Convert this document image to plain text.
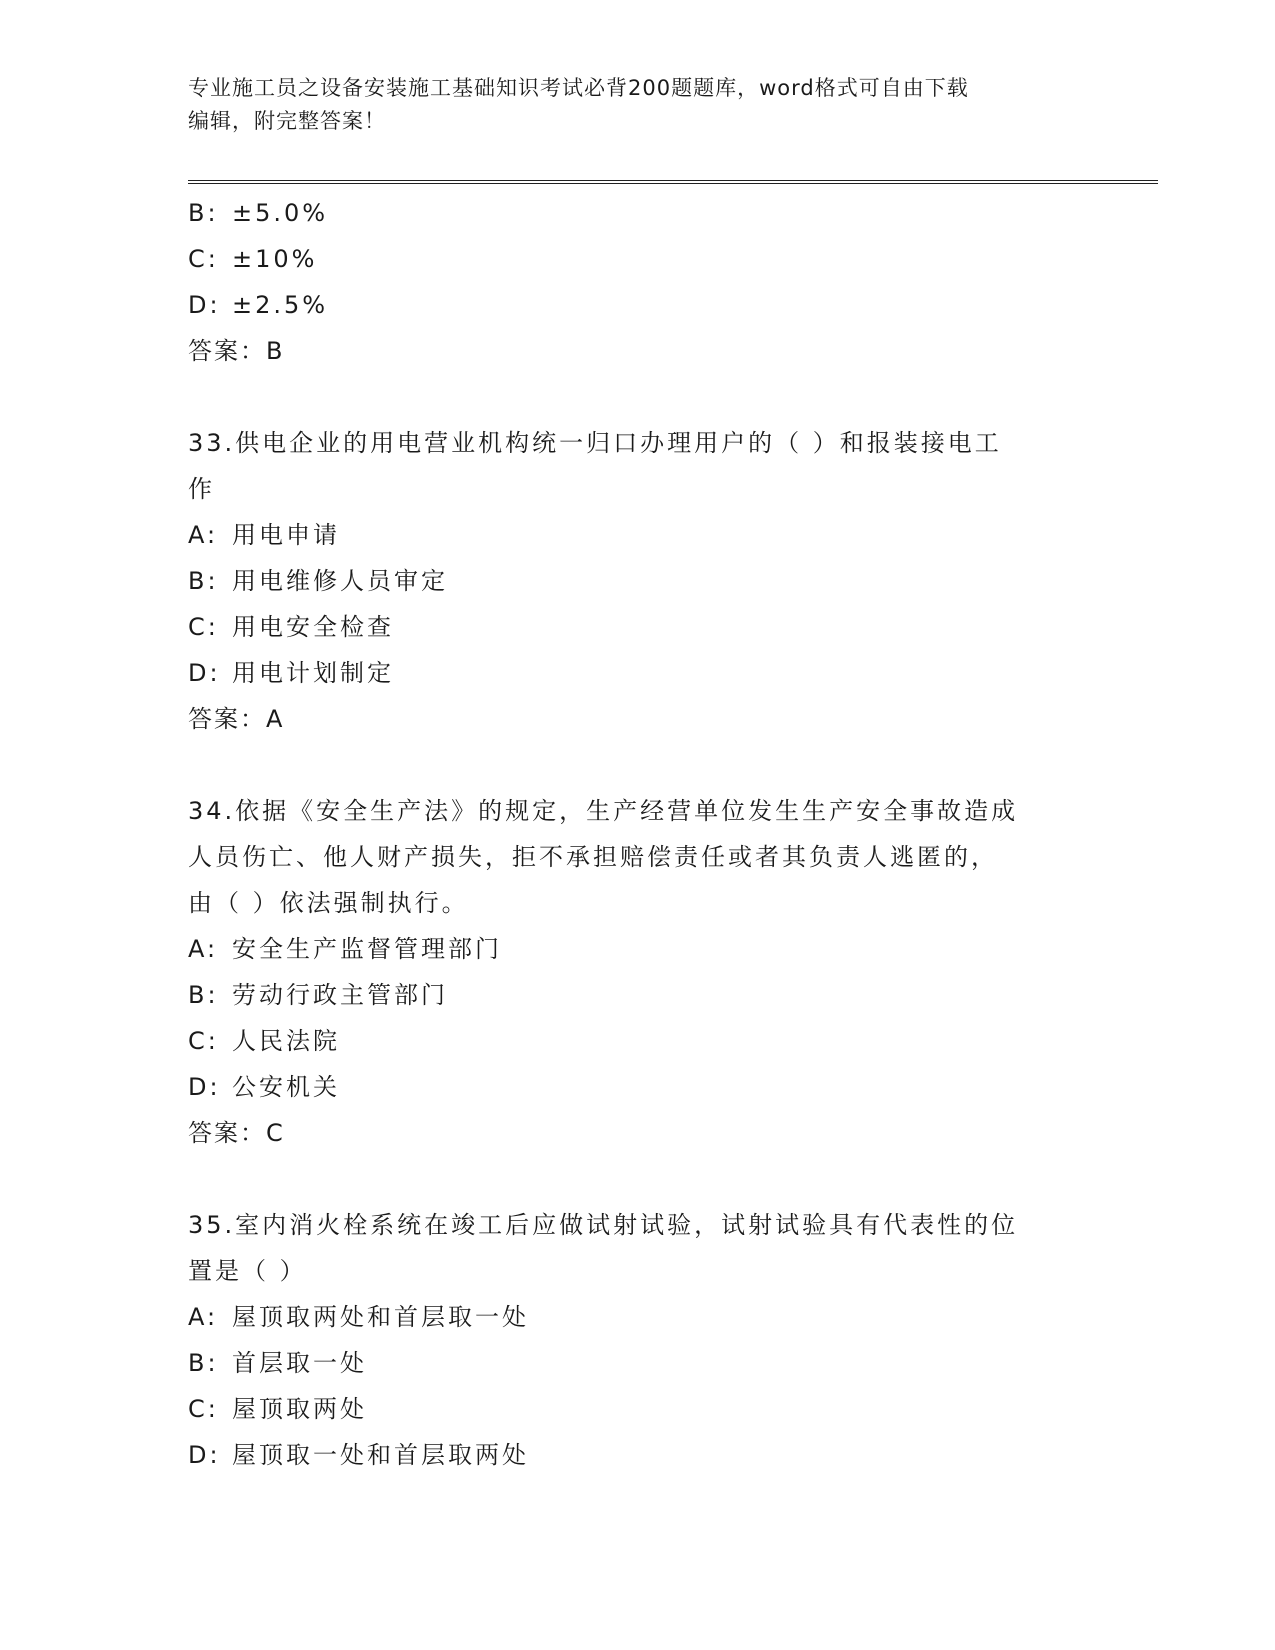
专业施工员之设备安装施工基础知识考试必背200题题库，word格式可自由下载
编辑，附完整答案！
B: ±5.0%
C: ±10%
D: ±2.5%
答案：B
33.供电企业的用电营业机构统一归口办理用户的（ ）和报装接电工
作
A: 用电申请
B: 用电维修人员审定
C: 用电安全检查
D: 用电计划制定
答案：A
34.依据《安全生产法》的规定，生产经营单位发生生产安全事故造成
人员伤亡、他人财产损失，拒不承担赔偿责任或者其负责人逃匿的，
由（ ）依法强制执行。
A: 安全生产监督管理部门
B: 劳动行政主管部门
C: 人民法院
D: 公安机关
答案：C
35.室内消火栓系统在竣工后应做试射试验，试射试验具有代表性的位
置是（ ）
A: 屋顶取两处和首层取一处
B: 首层取一处
C: 屋顶取两处
D: 屋顶取一处和首层取两处
